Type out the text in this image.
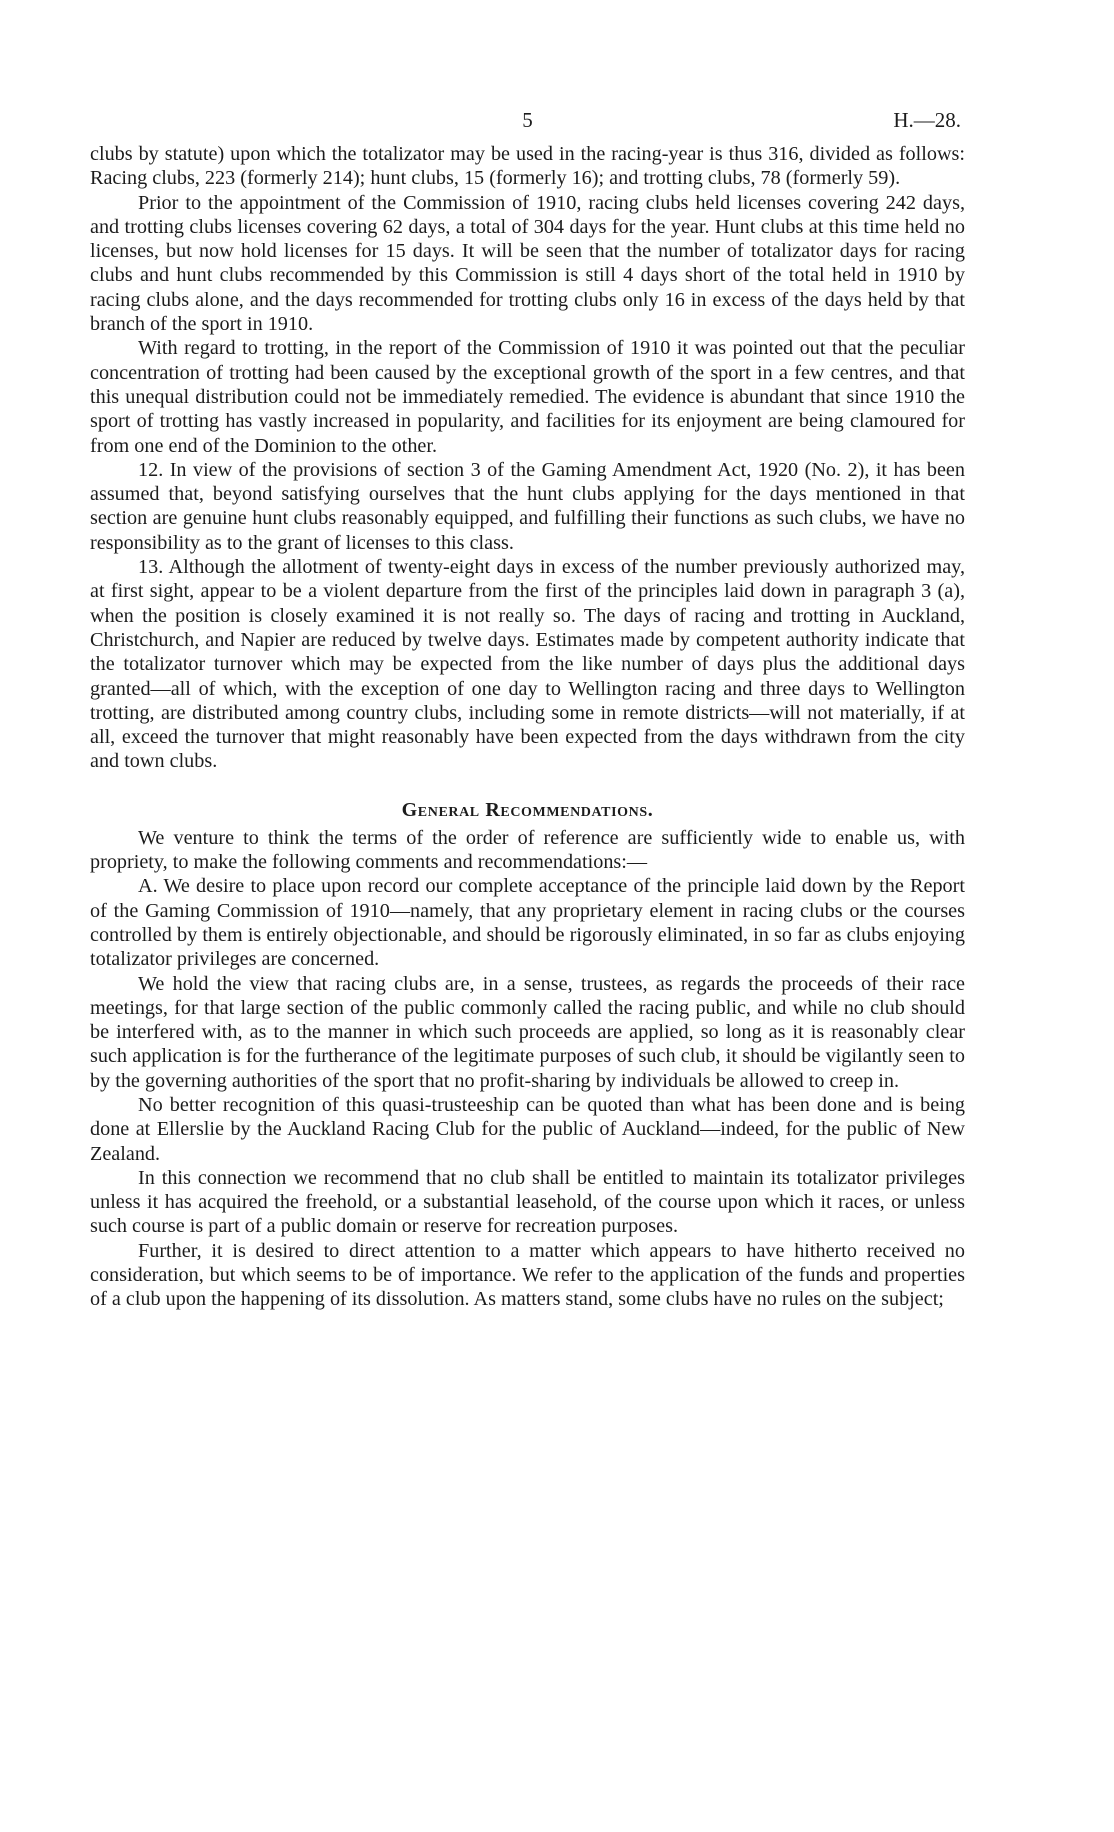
5	H.—28.

clubs by statute) upon which the totalizator may be used in the racing-year is thus 316, divided as follows: Racing clubs, 223 (formerly 214); hunt clubs, 15 (formerly 16); and trotting clubs, 78 (formerly 59).

Prior to the appointment of the Commission of 1910, racing clubs held licenses covering 242 days, and trotting clubs licenses covering 62 days, a total of 304 days for the year. Hunt clubs at this time held no licenses, but now hold licenses for 15 days. It will be seen that the number of totalizator days for racing clubs and hunt clubs recommended by this Commission is still 4 days short of the total held in 1910 by racing clubs alone, and the days recommended for trotting clubs only 16 in excess of the days held by that branch of the sport in 1910.

With regard to trotting, in the report of the Commission of 1910 it was pointed out that the peculiar concentration of trotting had been caused by the exceptional growth of the sport in a few centres, and that this unequal distribution could not be immediately remedied. The evidence is abundant that since 1910 the sport of trotting has vastly increased in popularity, and facilities for its enjoyment are being clamoured for from one end of the Dominion to the other.

12. In view of the provisions of section 3 of the Gaming Amendment Act, 1920 (No. 2), it has been assumed that, beyond satisfying ourselves that the hunt clubs applying for the days mentioned in that section are genuine hunt clubs reasonably equipped, and fulfilling their functions as such clubs, we have no responsibility as to the grant of licenses to this class.

13. Although the allotment of twenty-eight days in excess of the number previously authorized may, at first sight, appear to be a violent departure from the first of the principles laid down in paragraph 3 (a), when the position is closely examined it is not really so. The days of racing and trotting in Auckland, Christchurch, and Napier are reduced by twelve days. Estimates made by competent authority indicate that the totalizator turnover which may be expected from the like number of days plus the additional days granted—all of which, with the exception of one day to Wellington racing and three days to Wellington trotting, are distributed among country clubs, including some in remote districts—will not materially, if at all, exceed the turnover that might reasonably have been expected from the days withdrawn from the city and town clubs.

General Recommendations.

We venture to think the terms of the order of reference are sufficiently wide to enable us, with propriety, to make the following comments and recommendations:—

A. We desire to place upon record our complete acceptance of the principle laid down by the Report of the Gaming Commission of 1910—namely, that any proprietary element in racing clubs or the courses controlled by them is entirely objectionable, and should be rigorously eliminated, in so far as clubs enjoying totalizator privileges are concerned.

We hold the view that racing clubs are, in a sense, trustees, as regards the proceeds of their race meetings, for that large section of the public commonly called the racing public, and while no club should be interfered with, as to the manner in which such proceeds are applied, so long as it is reasonably clear such application is for the furtherance of the legitimate purposes of such club, it should be vigilantly seen to by the governing authorities of the sport that no profit-sharing by individuals be allowed to creep in.

No better recognition of this quasi-trusteeship can be quoted than what has been done and is being done at Ellerslie by the Auckland Racing Club for the public of Auckland—indeed, for the public of New Zealand.

In this connection we recommend that no club shall be entitled to maintain its totalizator privileges unless it has acquired the freehold, or a substantial leasehold, of the course upon which it races, or unless such course is part of a public domain or reserve for recreation purposes.

Further, it is desired to direct attention to a matter which appears to have hitherto received no consideration, but which seems to be of importance. We refer to the application of the funds and properties of a club upon the happening of its dissolution. As matters stand, some clubs have no rules on the subject;
